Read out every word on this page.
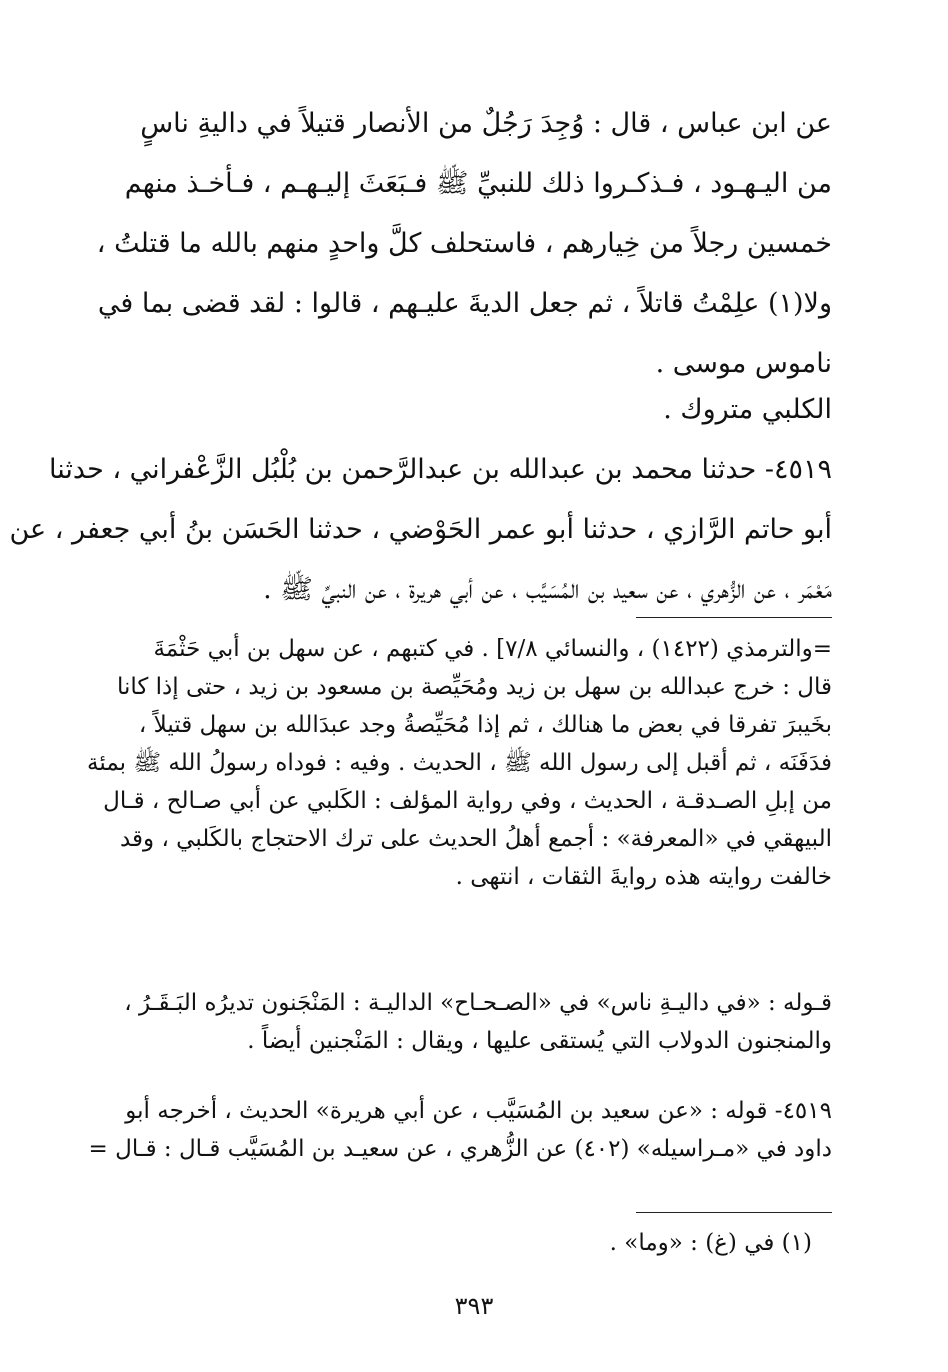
عن ابن عباس ، قال : وُجِدَ رَجُلٌ من الأنصار قتيلاً في داليةِ ناسٍ
من اليـهـود ، فـذكـروا ذلك للنبيِّ ﷺ فـبَعَثَ إليـهـم ، فـأخـذ منهم
خمسين رجلاً من خِيارهم ، فاستحلف كلَّ واحدٍ منهم بالله ما قتلتُ ،
ولا(١) علِمْتُ قاتلاً ، ثم جعل الديةَ عليـهم ، قالوا : لقد قضى بما في
ناموس موسى .
الكلبي متروك .
٤٥١٩- حدثنا محمد بن عبدالله بن عبدالرَّحمن بن بُلْبُل الزَّعْفراني ، حدثنا
أبو حاتم الرَّازي ، حدثنا أبو عمر الحَوْضي ، حدثنا الحَسَن بنُ أبي جعفر ، عن
مَعْمَر ، عن الزُّهري ، عن سعيد بن المُسَيَّب ، عن أبي هريرة ، عن النبيِّ ﷺ .
=والترمذي (١٤٢٢) ، والنسائي ٧/٨] . في كتبهم ، عن سهل بن أبي حَثْمَةَ
قال : خرج عبدالله بن سهل بن زيد ومُحَيِّصة بن مسعود بن زيد ، حتى إذا كانا
بخَيبرَ تفرقا في بعض ما هنالك ، ثم إذا مُحَيِّصةُ وجد عبدَالله بن سهل قتيلاً ،
فدَفَنَه ، ثم أقبل إلى رسول الله ﷺ ، الحديث . وفيه : فوداه رسولُ الله ﷺ بمئة
من إبلِ الصـدقـة ، الحديث ، وفي رواية المؤلف : الكَلبي عن أبي صـالح ، قـال
البيهقي في «المعرفة» : أجمع أهلُ الحديث على ترك الاحتجاج بالكَلبي ، وقد
خالفت روايته هذه روايةَ الثقات ، انتهى .
قـوله : «في داليـةِ ناس» في «الصـحـاح» الداليـة : المَنْجَنون تديرُه البَـقَـرُ ،
والمنجنون الدولاب التي يُستقى عليها ، ويقال : المَنْجنين أيضاً .
٤٥١٩- قوله : «عن سعيد بن المُسَيَّب ، عن أبي هريرة» الحديث ، أخرجه أبو
داود في «مـراسيله» (٤٠٢) عن الزُّهري ، عن سعيـد بن المُسَيَّب قـال : قـال =
(١) في (غ) : «وما» .
٣٩٣
